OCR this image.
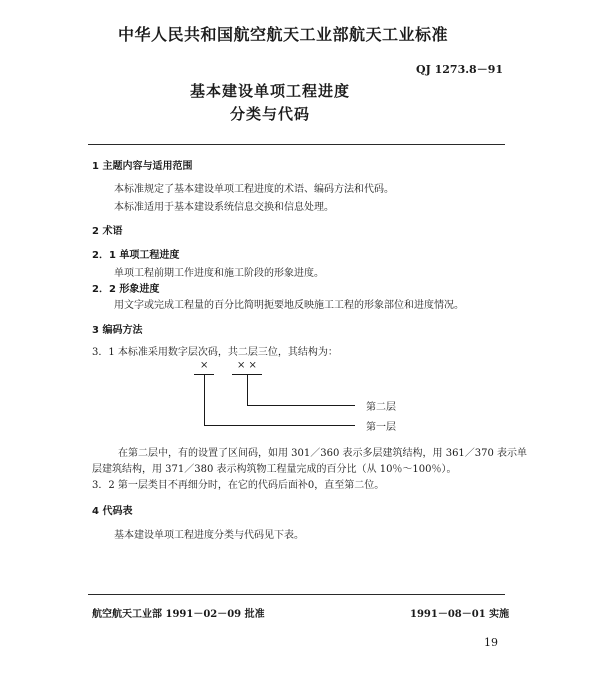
中华人民共和国航空航天工业部航天工业标准
QJ 1273.8－91
基本建设单项工程进度
分类与代码
1 主题内容与适用范围
本标准规定了基本建设单项工程进度的术语、编码方法和代码。
本标准适用于基本建设系统信息交换和信息处理。
2 术语
2．1 单项工程进度
单项工程前期工作进度和施工阶段的形象进度。
2．2 形象进度
用文字或完成工程量的百分比简明扼要地反映施工工程的形象部位和进度情况。
3 编码方法
3．1 本标准采用数字层次码，共二层三位，其结构为：
×	× ×
第二层
第一层
在第二层中，有的设置了区间码，如用 301／360 表示多层建筑结构，用 361／370 表示单
层建筑结构，用 371／380 表示构筑物工程量完成的百分比（从 10％～100％）。
3．2 第一层类目不再细分时，在它的代码后面补0，直至第二位。
4 代码表
基本建设单项工程进度分类与代码见下表。
航空航天工业部 1991－02－09 批准	1991－08－01 实施
19
